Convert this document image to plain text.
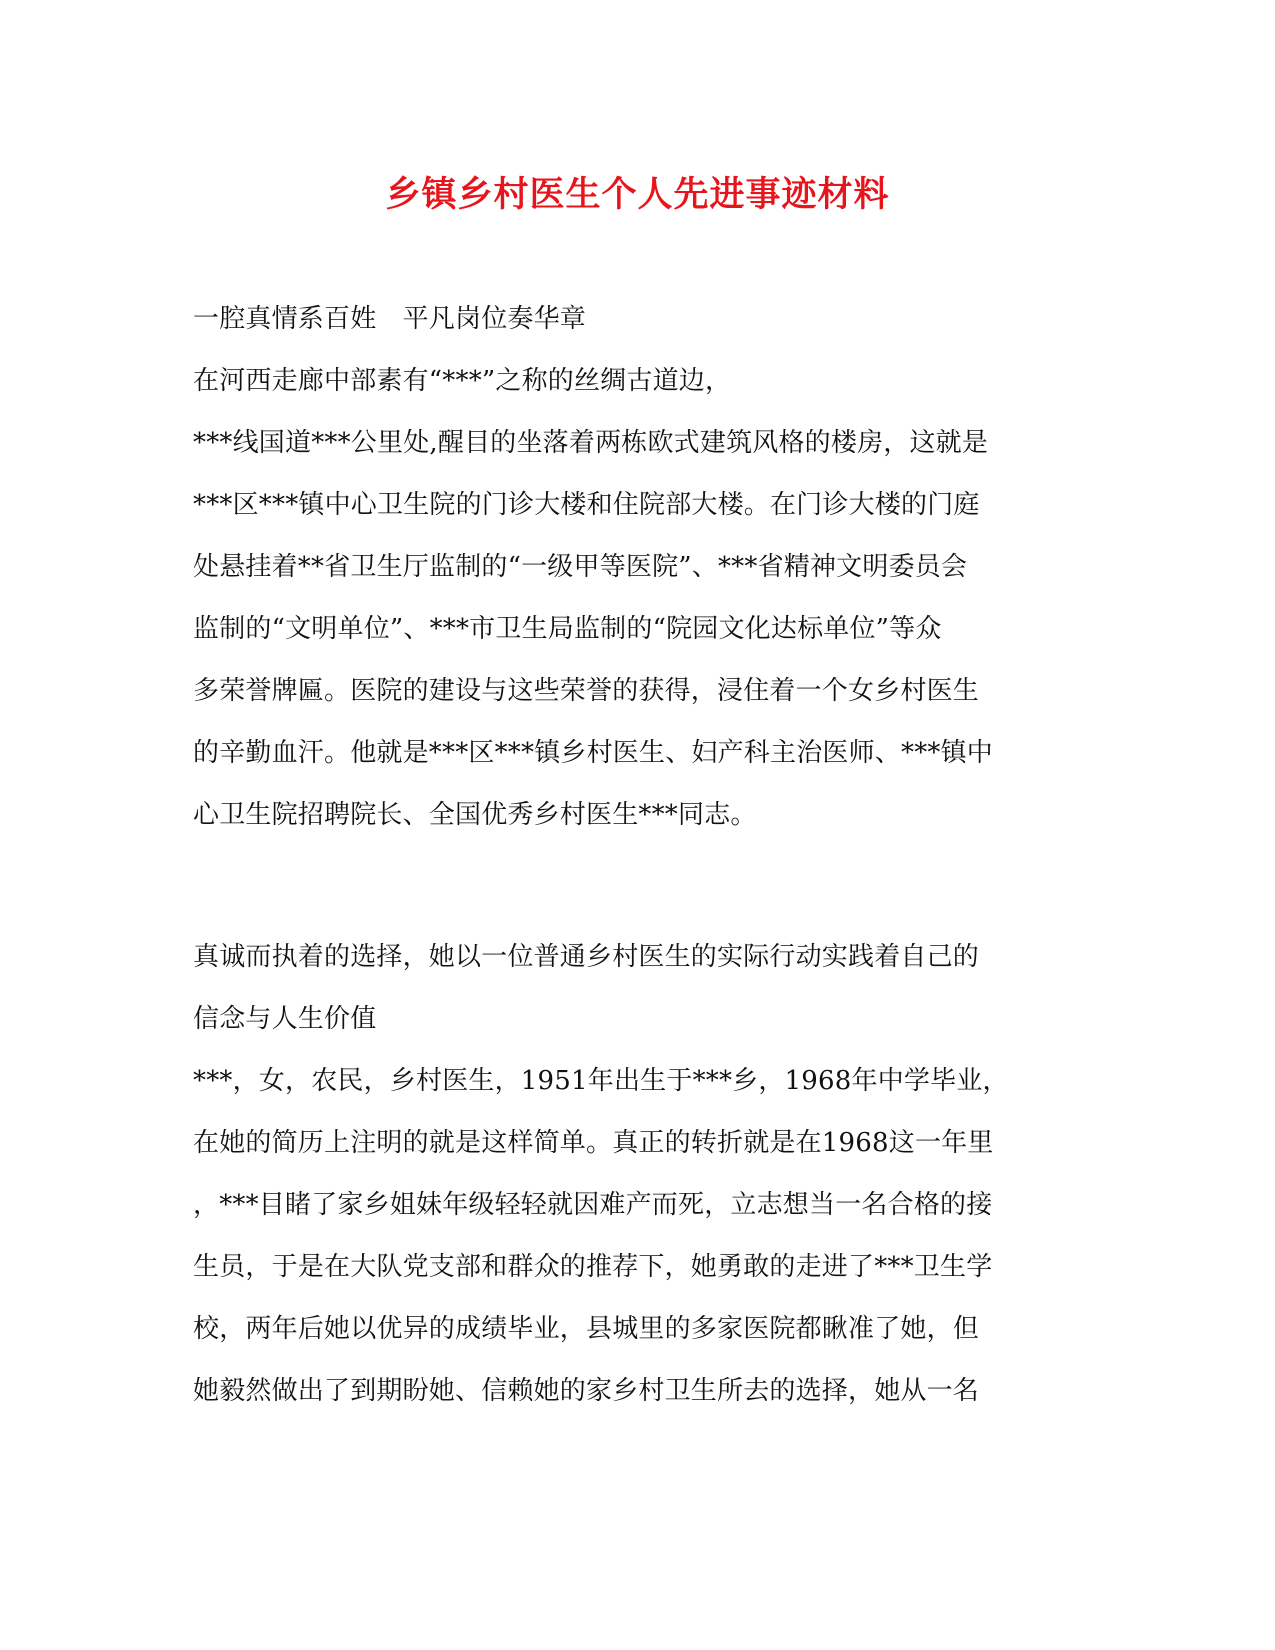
乡镇乡村医生个人先进事迹材料
一腔真情系百姓　平凡岗位奏华章
在河西走廊中部素有“***”之称的丝绸古道边，
***线国道***公里处,醒目的坐落着两栋欧式建筑风格的楼房，这就是
***区***镇中心卫生院的门诊大楼和住院部大楼。在门诊大楼的门庭
处悬挂着**省卫生厅监制的“一级甲等医院”、***省精神文明委员会
监制的“文明单位”、***市卫生局监制的“院园文化达标单位”等众
多荣誉牌匾。医院的建设与这些荣誉的获得，浸住着一个女乡村医生
的辛勤血汗。他就是***区***镇乡村医生、妇产科主治医师、***镇中
心卫生院招聘院长、全国优秀乡村医生***同志。
真诚而执着的选择，她以一位普通乡村医生的实际行动实践着自己的
信念与人生价值
***，女，农民，乡村医生，1951年出生于***乡，1968年中学毕业，
在她的简历上注明的就是这样简单。真正的转折就是在1968这一年里
，***目睹了家乡姐妹年级轻轻就因难产而死，立志想当一名合格的接
生员，于是在大队党支部和群众的推荐下，她勇敢的走进了***卫生学
校，两年后她以优异的成绩毕业，县城里的多家医院都瞅准了她，但
她毅然做出了到期盼她、信赖她的家乡村卫生所去的选择，她从一名
